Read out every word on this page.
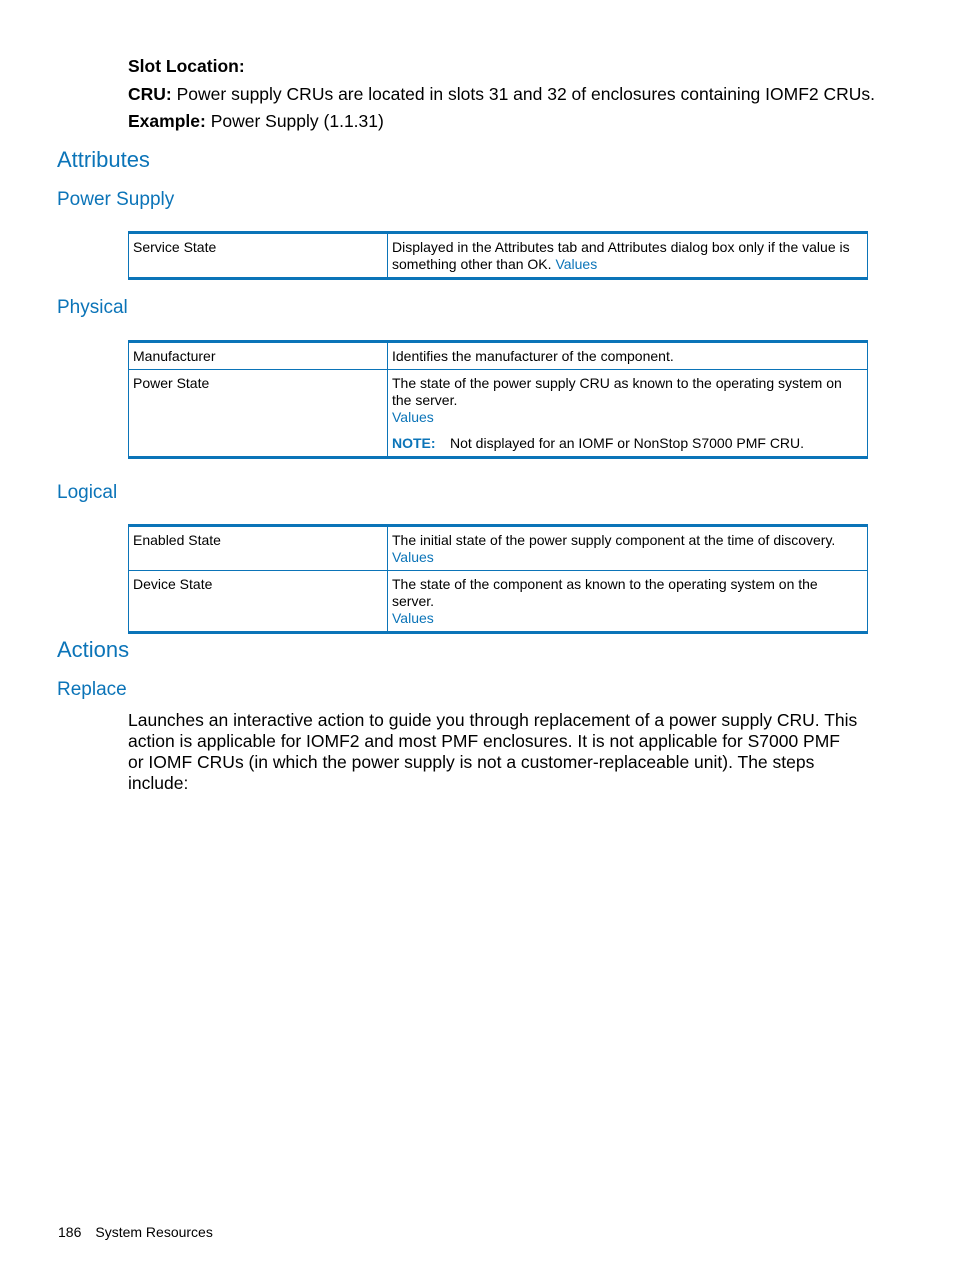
Slot Location:
CRU: Power supply CRUs are located in slots 31 and 32 of enclosures containing IOMF2 CRUs.
Example: Power Supply (1.1.31)
Attributes
Power Supply
Service State	Displayed in the Attributes tab and Attributes dialog box only if the value is something other than OK. Values
Physical
Manufacturer	Identifies the manufacturer of the component.
Power State	The state of the power supply CRU as known to the operating system on the server.
Values
NOTE: Not displayed for an IOMF or NonStop S7000 PMF CRU.
Logical
Enabled State	The initial state of the power supply component at the time of discovery.
Values

Device State	The state of the component as known to the operating system on the server.
Values
Actions
Replace
Launches an interactive action to guide you through replacement of a power supply CRU. This action is applicable for IOMF2 and most PMF enclosures. It is not applicable for S7000 PMF or IOMF CRUs (in which the power supply is not a customer-replaceable unit). The steps include:
186 System Resources
